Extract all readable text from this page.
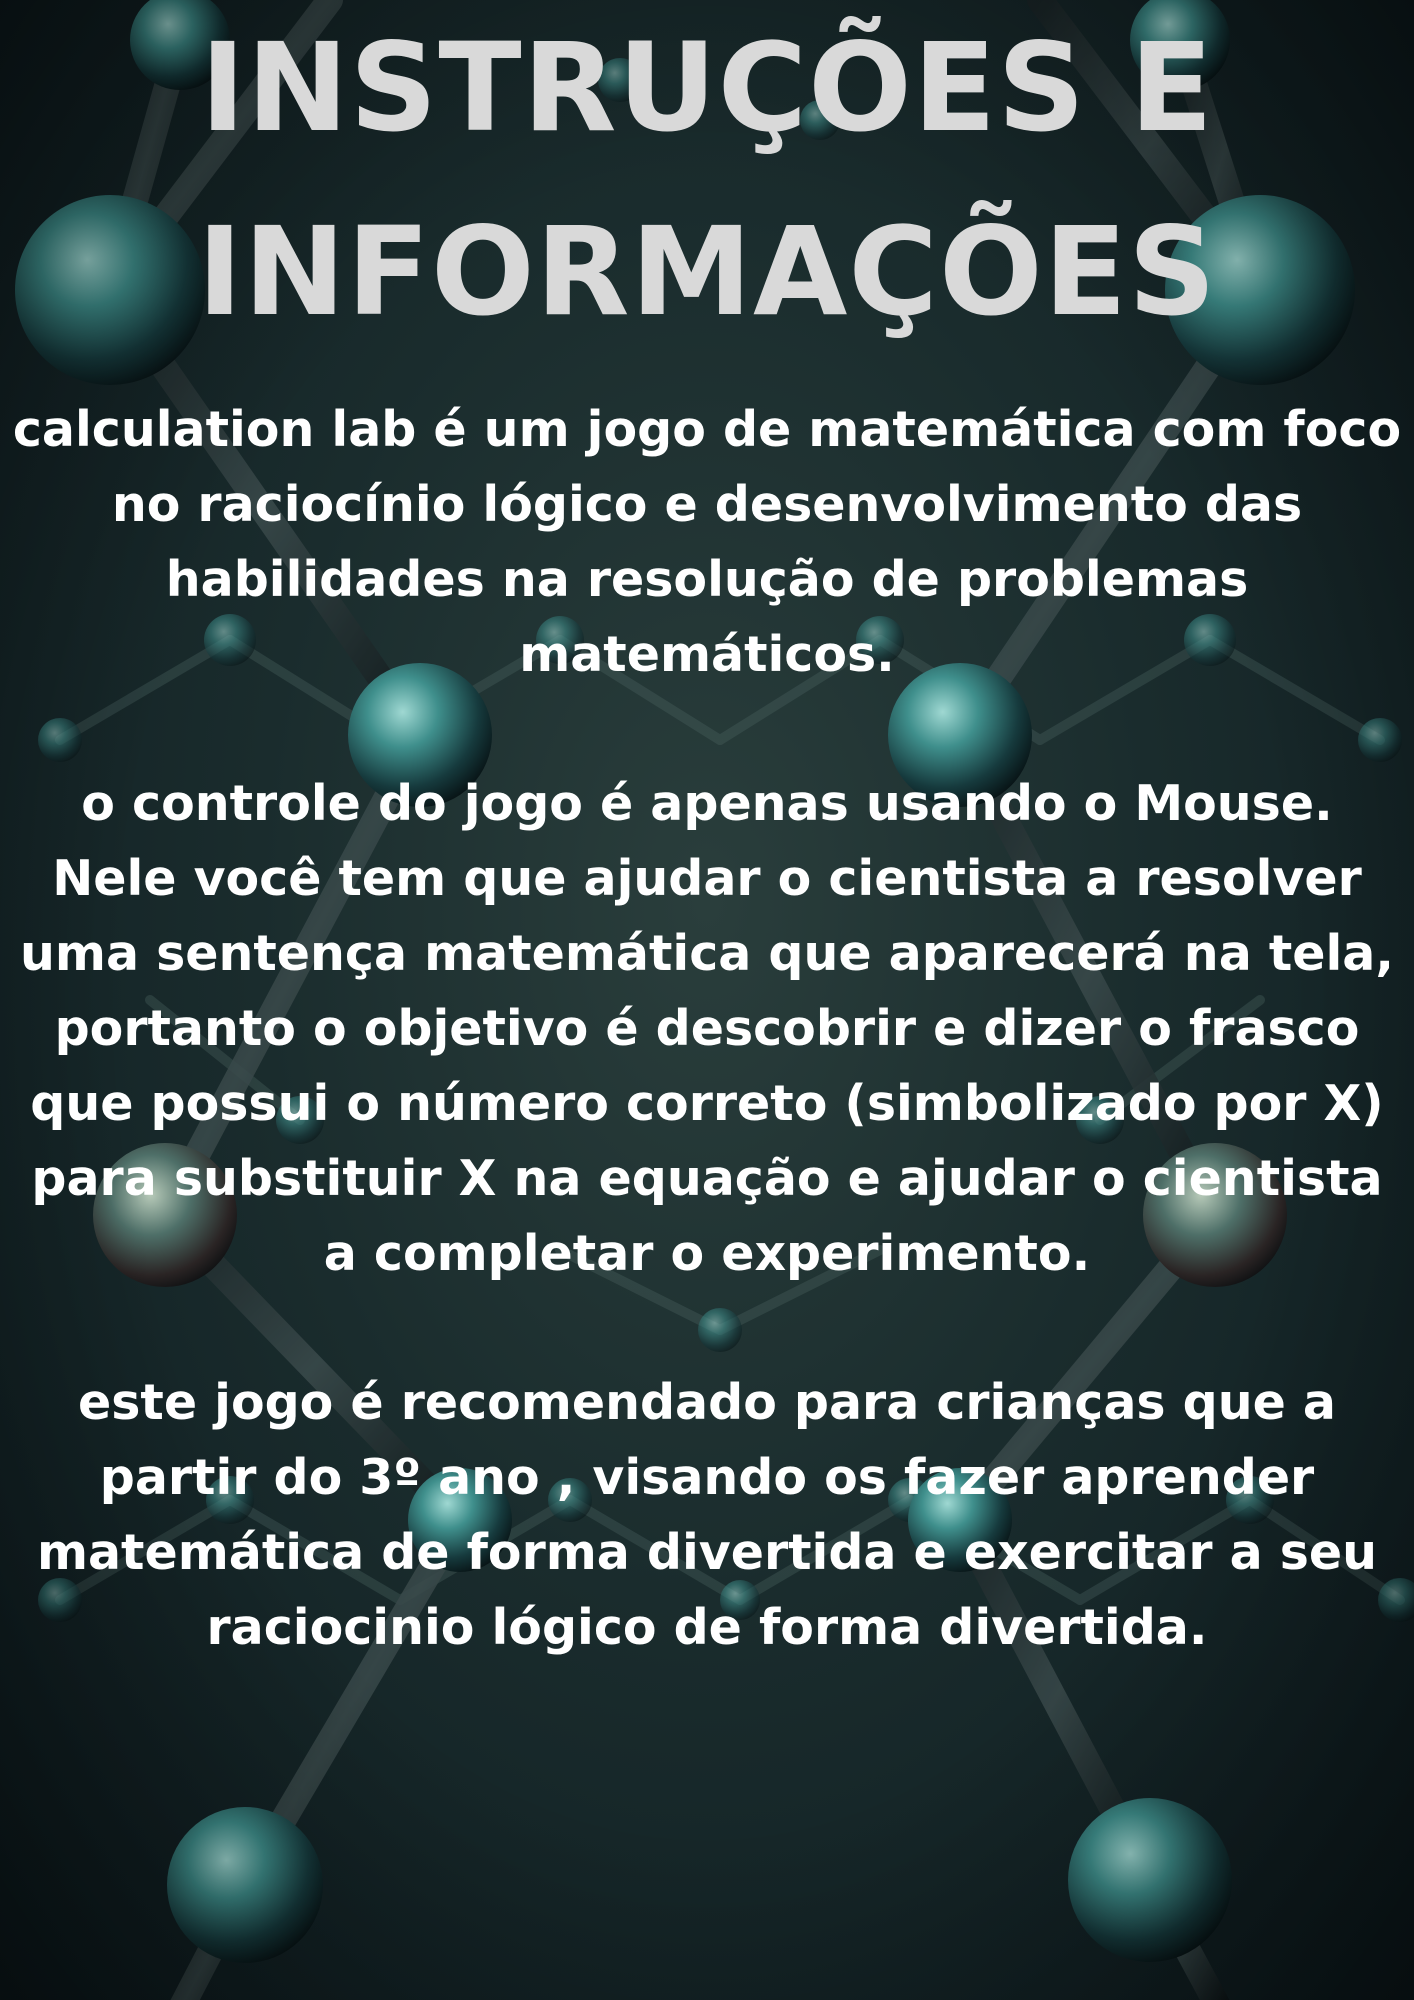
INSTRUÇÕES E
INFORMAÇÕES

calculation lab é um jogo de matemática com foco
no raciocínio lógico e desenvolvimento das
habilidades na resolução de problemas
matemáticos.

o controle do jogo é apenas usando o Mouse.
Nele você tem que ajudar o cientista a resolver
uma sentença matemática que aparecerá na tela,
portanto o objetivo é descobrir e dizer o frasco
que possui o número correto (simbolizado por X)
para substituir X na equação e ajudar o cientista
a completar o experimento.

este jogo é recomendado para crianças que a
partir do 3º ano , visando os fazer aprender
matemática de forma divertida e exercitar a seu
raciocinio lógico de forma divertida.
